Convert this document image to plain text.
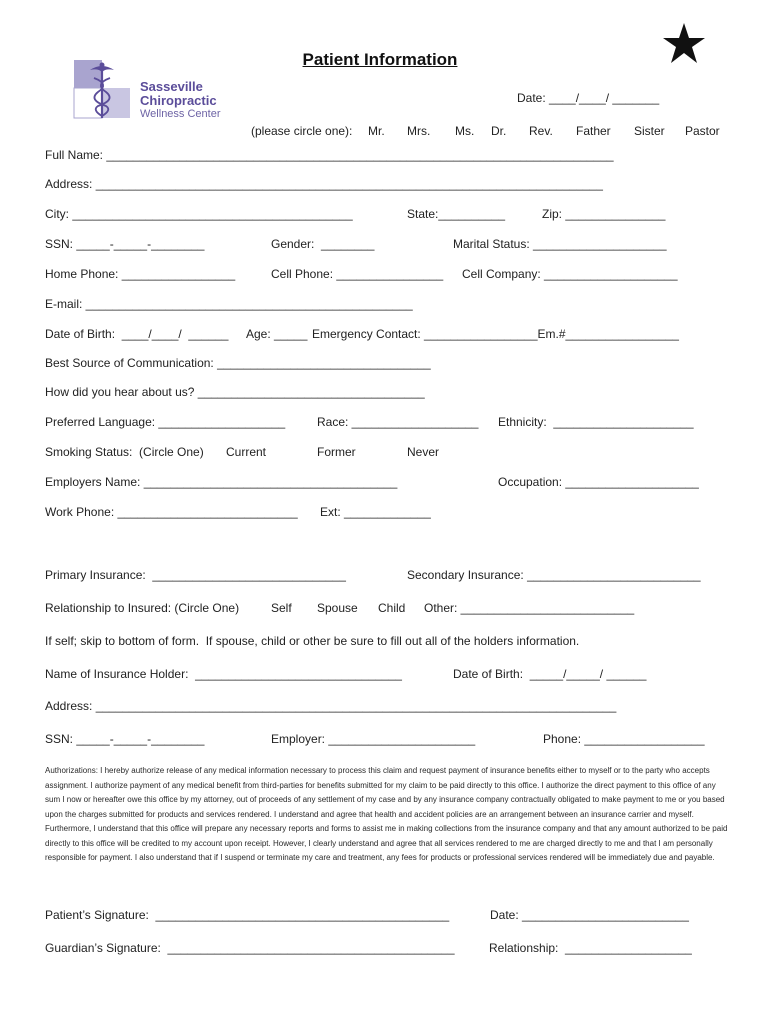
Patient Information
Sasseville
Chiropractic
Wellness Center
Date: ____/____/ _______
(please circle one): Mr. Mrs. Ms. Dr. Rev. Father Sister Pastor
Full Name: ____________________________________________________________________________
Address: ____________________________________________________________________________
City: __________________________________________	State:__________	Zip: _______________
SSN: _____-_____-________	Gender:  ________	Marital Status: ____________________
Home Phone: _________________	Cell Phone: ________________ Cell Company: ____________________
E-mail: _________________________________________________
Date of Birth:  ____/____/  ______ Age: _____ Emergency Contact: _________________Em.#_________________
Best Source of Communication: ________________________________
How did you hear about us? __________________________________
Preferred Language: ___________________	Race: ___________________ Ethnicity:  _____________________
Smoking Status:  (Circle One) Current	Former	Never
Employers Name: ______________________________________	Occupation: ____________________
Work Phone: ___________________________ Ext: _____________
Primary Insurance:  _____________________________	Secondary Insurance: __________________________
Relationship to Insured: (Circle One)	Self Spouse Child Other: __________________________
If self; skip to bottom of form.  If spouse, child or other be sure to fill out all of the holders information.
Name of Insurance Holder:  _______________________________	Date of Birth:  _____/_____/ ______
Address: ______________________________________________________________________________
SSN: _____-_____-________	Employer: ______________________	Phone: __________________
Authorizations: I hereby authorize release of any medical information necessary to process this claim and request payment of insurance benefits either to myself or to the party who accepts assignment. I authorize payment of any medical benefit from third-parties for benefits submitted for my claim to be paid directly to this office. I authorize the direct payment to this office of any sum I now or hereafter owe this office by my attorney, out of proceeds of any settlement of my case and by any insurance company contractually obligated to make payment to me or you based upon the charges submitted for products and services rendered. I understand and agree that health and accident policies are an arrangement between an insurance carrier and myself. Furthermore, I understand that this office will prepare any necessary reports and forms to assist me in making collections from the insurance company and that any amount authorized to be paid directly to this office will be credited to my account upon receipt. However, I clearly understand and agree that all services rendered to me are charged directly to me and that I am personally responsible for payment. I also understand that if I suspend or terminate my care and treatment, any fees for products or professional services rendered will be immediately due and payable.
Patient’s Signature:  ____________________________________________	Date: _________________________
Guardian’s Signature:  ___________________________________________	Relationship:  ___________________
